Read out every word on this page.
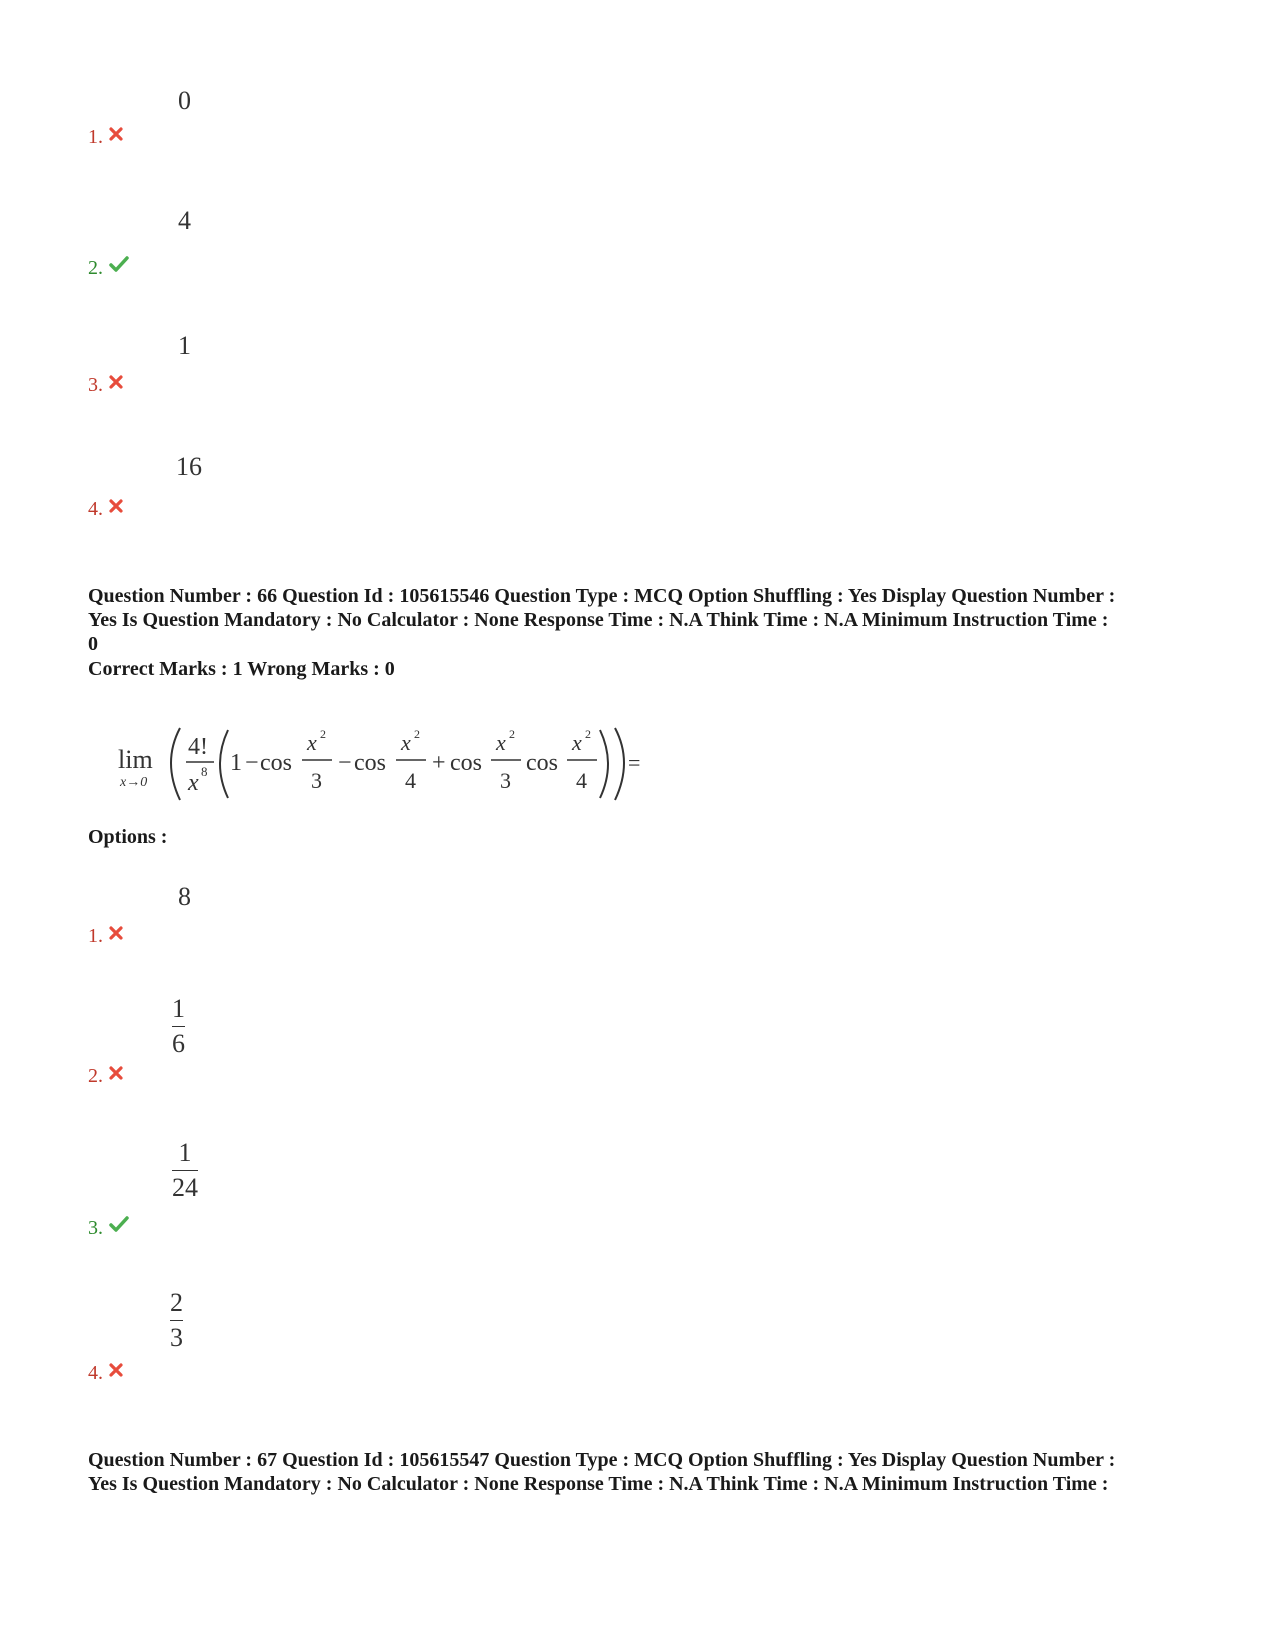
0
1.
4
2.
1
3.
16
4.
Question Number : 66 Question Id : 105615546 Question Type : MCQ Option Shuffling : Yes Display Question Number :
Yes Is Question Mandatory : No Calculator : None Response Time : N.A Think Time : N.A Minimum Instruction Time :
0
Correct Marks : 1 Wrong Marks : 0
lim
x→0
4!
x 8 1 − cos
x 2
3
− cos
x 2
4
+ cos
x 2
3
cos
x 2
4
=
Options :
8
1.
1
6
2.
1
24
3.
2
3
4.
Question Number : 67 Question Id : 105615547 Question Type : MCQ Option Shuffling : Yes Display Question Number :
Yes Is Question Mandatory : No Calculator : None Response Time : N.A Think Time : N.A Minimum Instruction Time :
